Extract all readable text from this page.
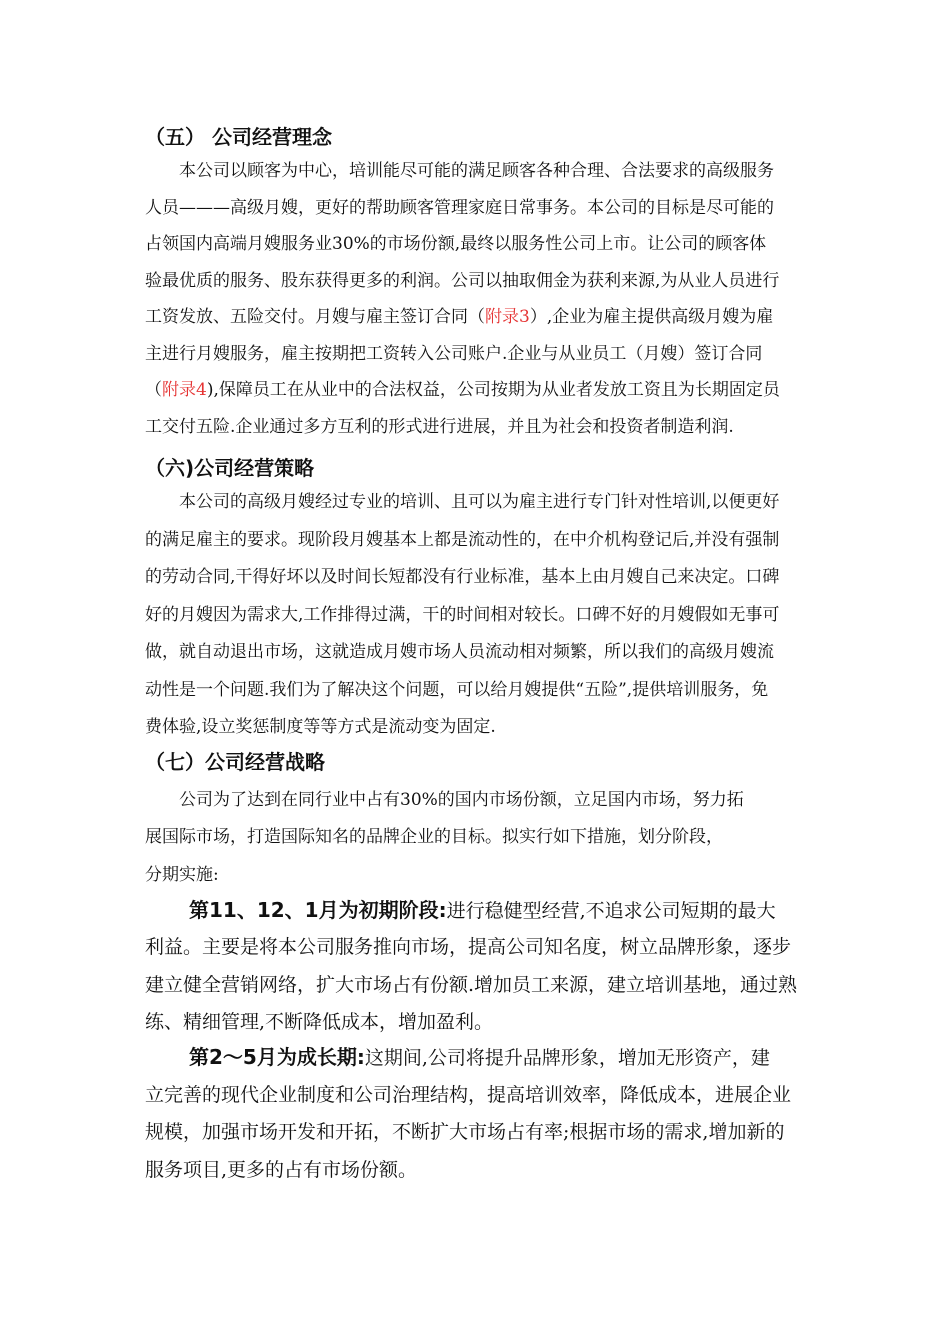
（五） 公司经营理念
本公司以顾客为中心，培训能尽可能的满足顾客各种合理、合法要求的高级服务
人员———高级月嫂，更好的帮助顾客管理家庭日常事务。本公司的目标是尽可能的
占领国内高端月嫂服务业30%的市场份额,最终以服务性公司上市。让公司的顾客体
验最优质的服务、股东获得更多的利润。公司以抽取佣金为获利来源,为从业人员进行
工资发放、五险交付。月嫂与雇主签订合同（附录3）,企业为雇主提供高级月嫂为雇
主进行月嫂服务，雇主按期把工资转入公司账户.企业与从业员工（月嫂）签订合同
（附录4),保障员工在从业中的合法权益，公司按期为从业者发放工资且为长期固定员
工交付五险.企业通过多方互利的形式进行进展，并且为社会和投资者制造利润.
（六)公司经营策略
本公司的高级月嫂经过专业的培训、且可以为雇主进行专门针对性培训,以便更好
的满足雇主的要求。现阶段月嫂基本上都是流动性的，在中介机构登记后,并没有强制
的劳动合同,干得好坏以及时间长短都没有行业标准，基本上由月嫂自己来决定。口碑
好的月嫂因为需求大,工作排得过满，干的时间相对较长。口碑不好的月嫂假如无事可
做，就自动退出市场，这就造成月嫂市场人员流动相对频繁，所以我们的高级月嫂流
动性是一个问题.我们为了解决这个问题，可以给月嫂提供“五险”,提供培训服务，免
费体验,设立奖惩制度等等方式是流动变为固定.
（七）公司经营战略
公司为了达到在同行业中占有30%的国内市场份额，立足国内市场，努力拓
展国际市场，打造国际知名的品牌企业的目标。拟实行如下措施，划分阶段，
分期实施:
第11、12、1月为初期阶段:进行稳健型经营,不追求公司短期的最大
利益。主要是将本公司服务推向市场，提高公司知名度，树立品牌形象，逐步
建立健全营销网络，扩大市场占有份额.增加员工来源，建立培训基地，通过熟
练、精细管理,不断降低成本，增加盈利。
第2～5月为成长期:这期间,公司将提升品牌形象，增加无形资产，建
立完善的现代企业制度和公司治理结构，提高培训效率，降低成本，进展企业
规模，加强市场开发和开拓，不断扩大市场占有率;根据市场的需求,增加新的
服务项目,更多的占有市场份额。
